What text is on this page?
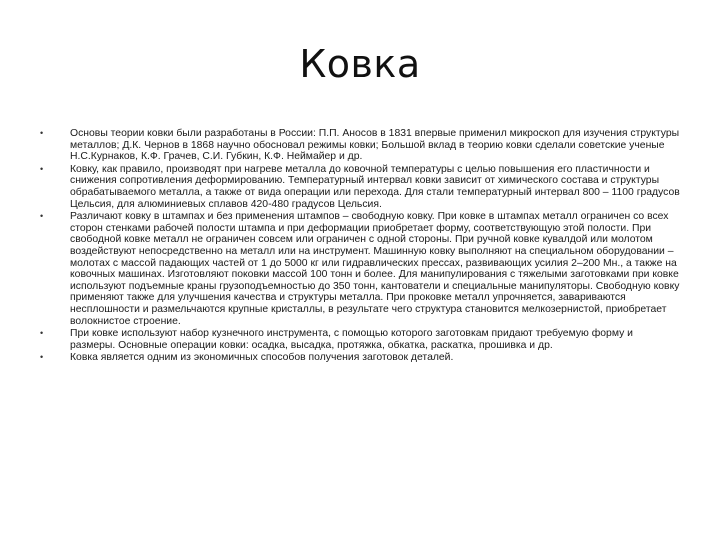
Ковка
•	Основы теории ковки были разработаны в России: П.П. Аносов в 1831 впервые применил микроскоп для изучения структуры металлов; Д.К. Чернов в 1868 научно обосновал режимы ковки; Большой вклад в теорию ковки сделали советские ученые Н.С.Курнаков, К.Ф. Грачев, С.И. Губкин, К.Ф. Неймайер и др.
•	Ковку, как правило, производят при нагреве металла до ковочной температуры с целью повышения его пластичности и снижения сопротивления деформированию. Температурный интервал ковки зависит от химического состава и структуры обрабатываемого металла, а также от вида операции или перехода. Для стали температурный интервал 800 – 1100 градусов Цельсия, для алюминиевых сплавов 420-480 градусов Цельсия.
•	Различают ковку в штампах и без применения штампов – свободную ковку. При ковке в штампах металл ограничен со всех сторон стенками рабочей полости штампа и при деформации приобретает форму, соответствующую этой полости. При свободной ковке металл не ограничен совсем или ограничен с одной стороны. При ручной ковке кувалдой или молотом воздействуют непосредственно на металл или на инструмент. Машинную ковку выполняют на специальном оборудовании – молотах с массой падающих частей от 1 до 5000 кг или гидравлических прессах, развивающих усилия 2–200 Мн., а также на ковочных машинах. Изготовляют поковки массой 100 тонн и более. Для манипулирования с тяжелыми заготовками при ковке используют подъемные краны грузоподъемностью до 350 тонн, кантователи и специальные манипуляторы. Свободную ковку применяют также для улучшения качества и структуры металла. При проковке металл упрочняется, завариваются несплошности и размельчаются крупные кристаллы, в результате чего структура становится мелкозернистой, приобретает волокнистое строение.
•	При ковке используют набор кузнечного инструмента, с помощью которого заготовкам придают требуемую форму и размеры. Основные операции ковки: осадка, высадка, протяжка, обкатка, раскатка, прошивка и др.
•	Ковка является одним из экономичных способов получения заготовок деталей.
